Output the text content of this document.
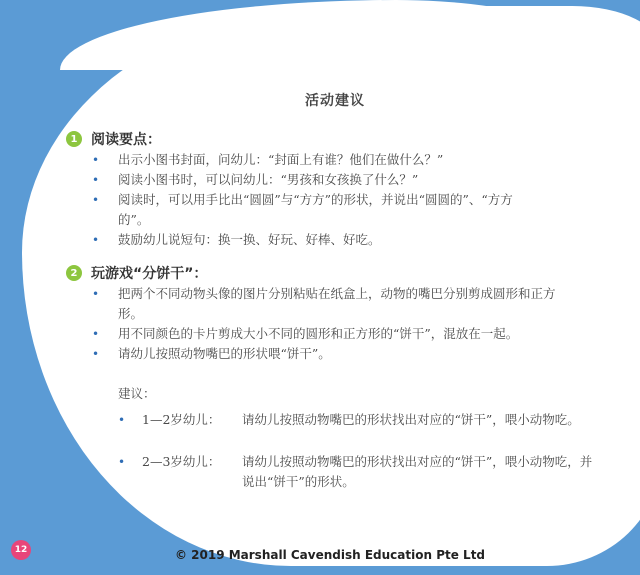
活动建议
1 阅读要点：
• 出示小图书封面，问幼儿：“封面上有谁？他们在做什么？”
• 阅读小图书时，可以问幼儿：“男孩和女孩换了什么？”
• 阅读时，可以用手比出“圆圆”与“方方”的形状，并说出“圆圆的”、“方方的”。
• 鼓励幼儿说短句：换一换、好玩、好棒、好吃。
2 玩游戏“分饼干”：
• 把两个不同动物头像的图片分别粘贴在纸盒上，动物的嘴巴分别剪成圆形和正方形。
• 用不同颜色的卡片剪成大小不同的圆形和正方形的“饼干”，混放在一起。
• 请幼儿按照动物嘴巴的形状喂“饼干”。
建议：
•	1—2岁幼儿：	请幼儿按照动物嘴巴的形状找出对应的“饼干”，喂小动物吃。
•	2—3岁幼儿：	请幼儿按照动物嘴巴的形状找出对应的“饼干”，喂小动物吃，并说出“饼干”的形状。
12	© 2019 Marshall Cavendish Education Pte Ltd
